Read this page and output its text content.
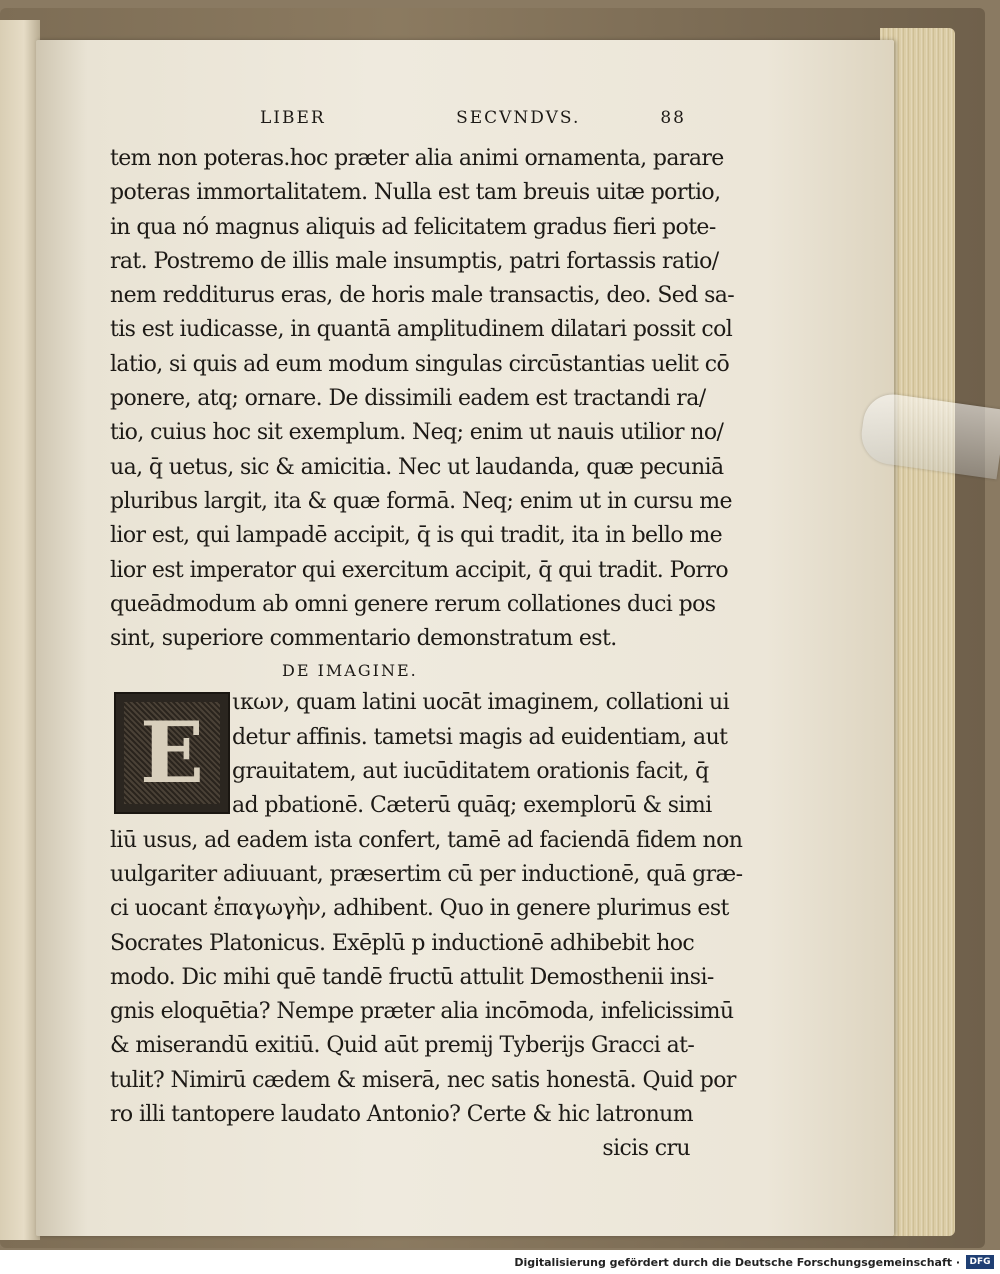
LIBER	SECVNDVS.	88
tem non poteras.hoc præter alia animi ornamenta, parare
poteras immortalitatem. Nulla est tam breuis uitæ portio,
in qua nó magnus aliquis ad felicitatem gradus fieri pote-
rat. Postremo de illis male insumptis, patri fortassis ratio/
nem redditurus eras, de horis male transactis, deo. Sed sa-
tis est iudicasse, in quantā amplitudinem dilatari possit col
latio, si quis ad eum modum singulas circūstantias uelit cō
ponere, atq; ornare. De dissimili eadem est tractandi ra/
tio, cuius hoc sit exemplum. Neq; enim ut nauis utilior no/
ua, q̄ uetus, sic & amicitia. Nec ut laudanda, quæ pecuniā
pluribus largit, ita & quæ formā. Neq; enim ut in cursu me
lior est, qui lampadē accipit, q̄ is qui tradit, ita in bello me
lior est imperator qui exercitum accipit, q̄ qui tradit. Porro
queādmodum ab omni genere rerum collationes duci pos
sint, superiore commentario demonstratum est.
DE IMAGINE.
E
ικων, quam latini uocāt imaginem, collationi ui
detur affinis. tametsi magis ad euidentiam, aut
grauitatem, aut iucūditatem orationis facit, q̄
ad pbationē. Cæterū quāq; exemplorū & simi
liū usus, ad eadem ista confert, tamē ad faciendā fidem non
uulgariter adiuuant, præsertim cū per inductionē, quā græ-
ci uocant ἐπαγωγὴν, adhibent. Quo in genere plurimus est
Socrates Platonicus. Exēplū p inductionē adhibebit hoc
modo. Dic mihi quē tandē fructū attulit Demosthenii insi-
gnis eloquētia? Nempe præter alia incōmoda, infelicissimū
& miserandū exitiū. Quid aūt premij Tyberijs Gracci at-
tulit? Nimirū cædem & miserā, nec satis honestā. Quid por
ro illi tantopere laudato Antonio? Certe & hic latronum
sicis cru
Digitalisierung gefördert durch die Deutsche Forschungsgemeinschaft ·	DFG
